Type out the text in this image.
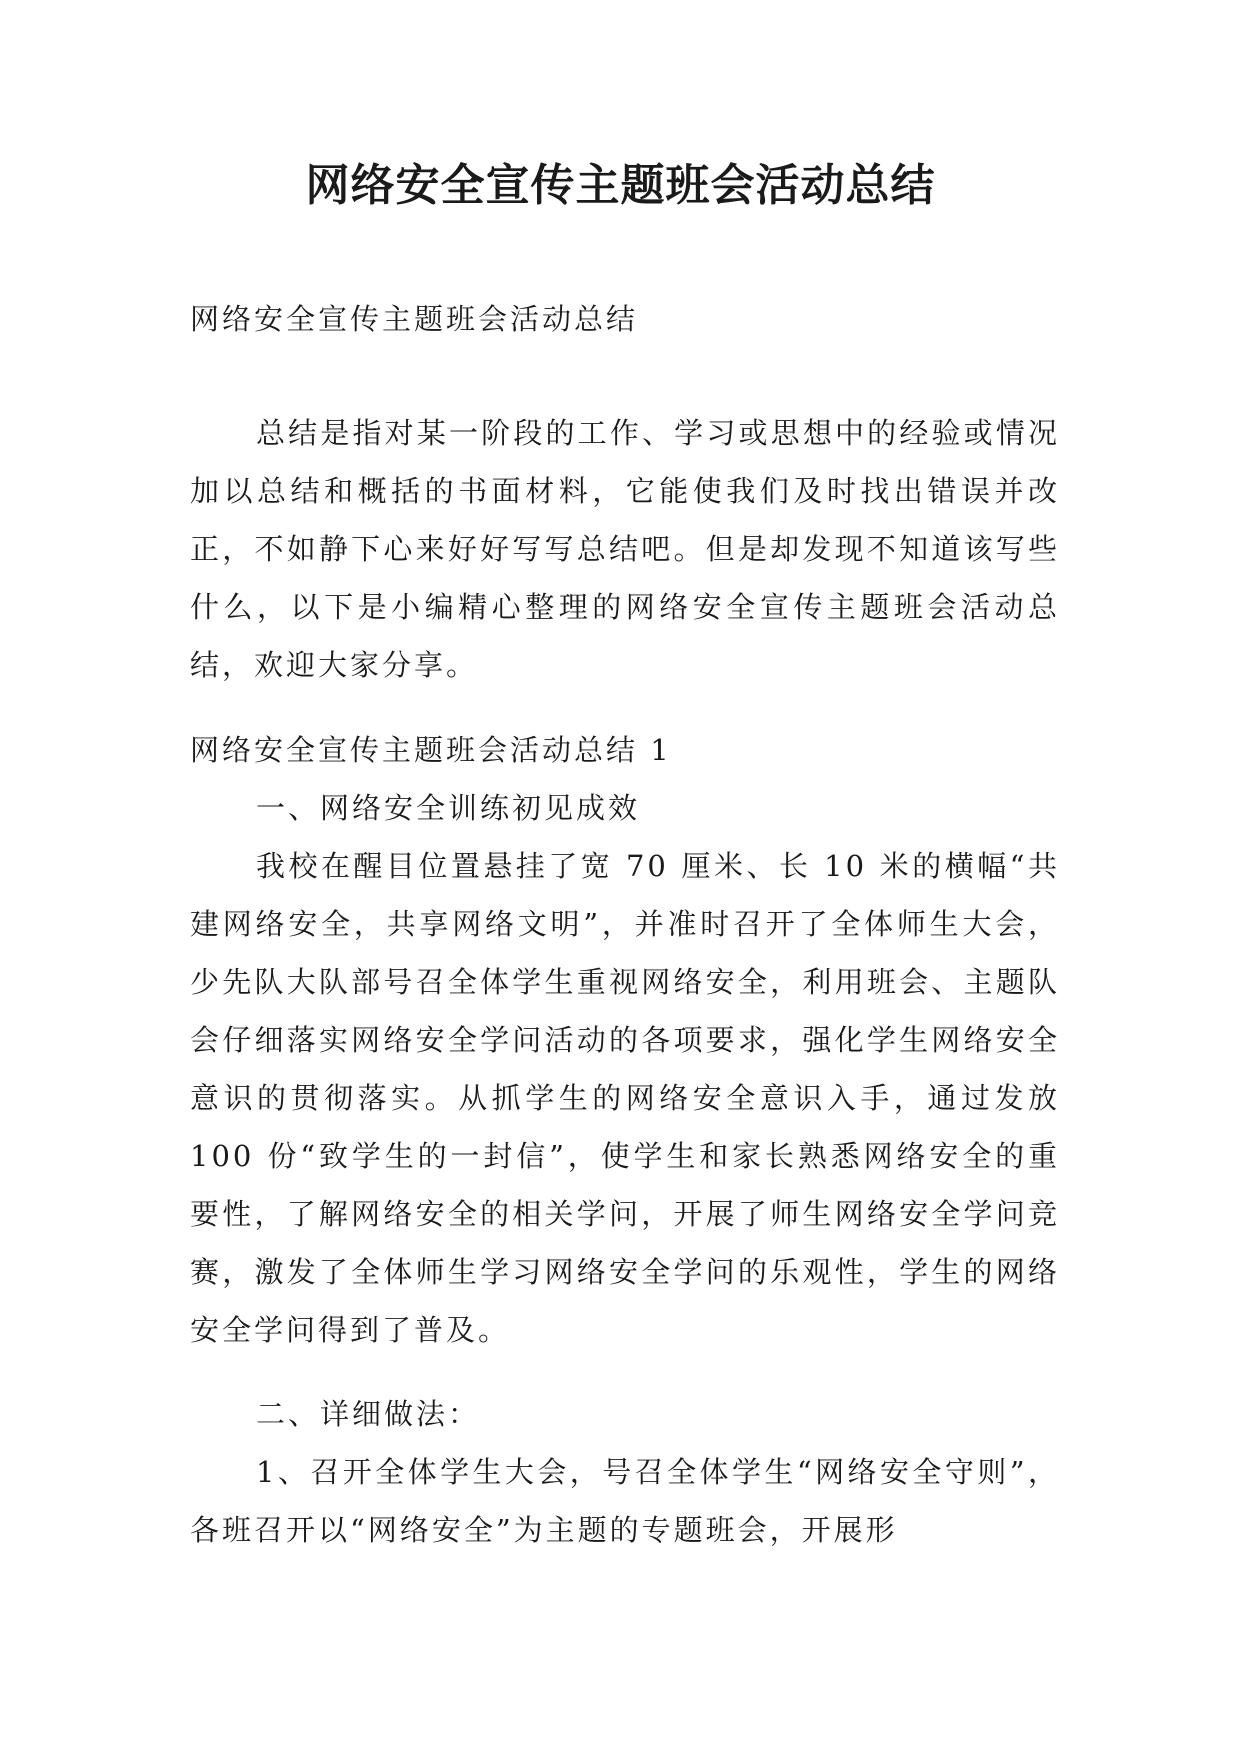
网络安全宣传主题班会活动总结

网络安全宣传主题班会活动总结

总结是指对某一阶段的工作、学习或思想中的经验或情况加以总结和概括的书面材料，它能使我们及时找出错误并改正，不如静下心来好好写写总结吧。但是却发现不知道该写些什么，以下是小编精心整理的网络安全宣传主题班会活动总结，欢迎大家分享。

网络安全宣传主题班会活动总结 1

一、网络安全训练初见成效

我校在醒目位置悬挂了宽 70 厘米、长 10 米的横幅“共建网络安全，共享网络文明”，并准时召开了全体师生大会，少先队大队部号召全体学生重视网络安全，利用班会、主题队会仔细落实网络安全学问活动的各项要求，强化学生网络安全意识的贯彻落实。从抓学生的网络安全意识入手，通过发放 100 份“致学生的一封信”，使学生和家长熟悉网络安全的重要性，了解网络安全的相关学问，开展了师生网络安全学问竞赛，激发了全体师生学习网络安全学问的乐观性，学生的网络安全学问得到了普及。

二、详细做法：

1、召开全体学生大会，号召全体学生“网络安全守则”，各班召开以“网络安全”为主题的专题班会，开展形
